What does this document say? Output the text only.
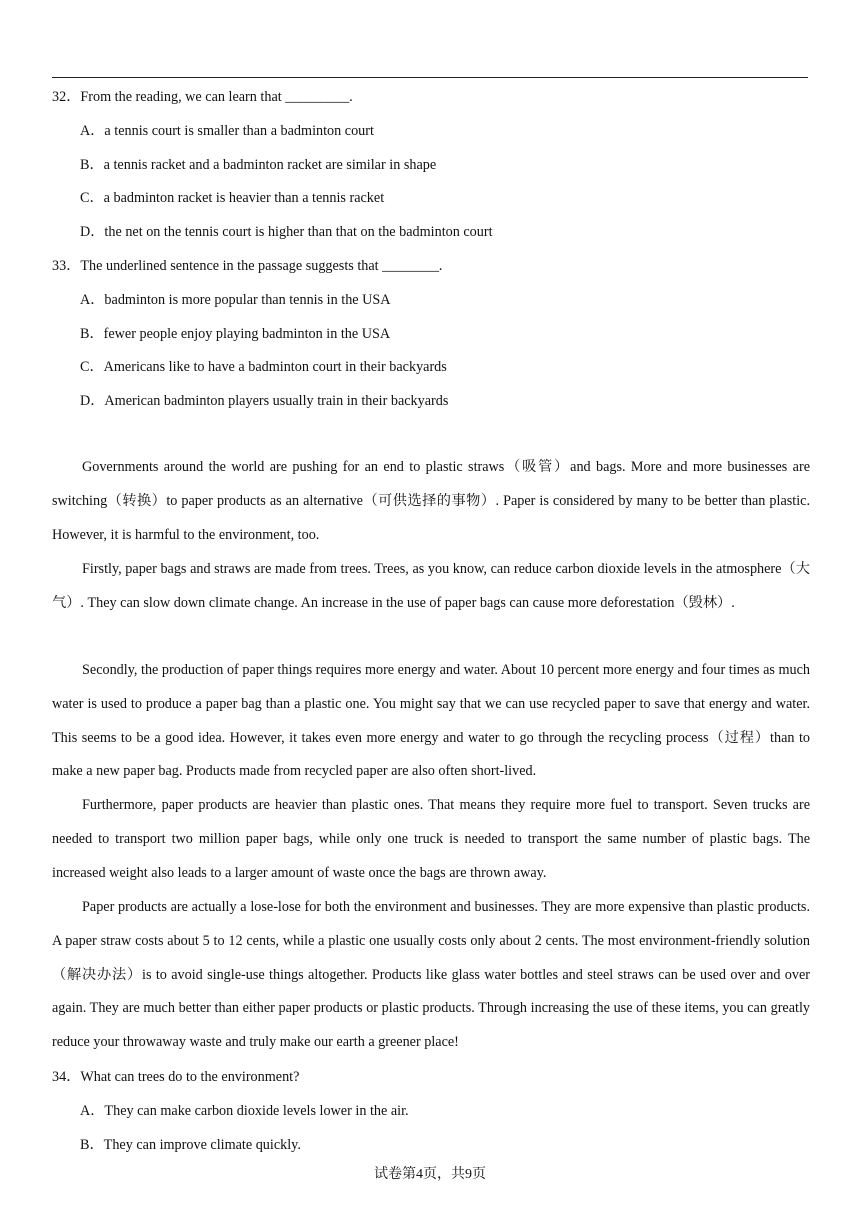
32．From the reading, we can learn that _________.
A．a tennis court is smaller than a badminton court
B．a tennis racket and a badminton racket are similar in shape
C．a badminton racket is heavier than a tennis racket
D．the net on the tennis court is higher than that on the badminton court
33．The underlined sentence in the passage suggests that ________.
A．badminton is more popular than tennis in the USA
B．fewer people enjoy playing badminton in the USA
C．Americans like to have a badminton court in their backyards
D．American badminton players usually train in their backyards
Governments around the world are pushing for an end to plastic straws（吸管）and bags. More and more businesses are switching（转换）to paper products as an alternative（可供选择的事物）. Paper is considered by many to be better than plastic. However, it is harmful to the environment, too.
Firstly, paper bags and straws are made from trees. Trees, as you know, can reduce carbon dioxide levels in the atmosphere（大气）. They can slow down climate change. An increase in the use of paper bags can cause more deforestation（毁林）.
Secondly, the production of paper things requires more energy and water. About 10 percent more energy and four times as much water is used to produce a paper bag than a plastic one. You might say that we can use recycled paper to save that energy and water. This seems to be a good idea. However, it takes even more energy and water to go through the recycling process（过程）than to make a new paper bag. Products made from recycled paper are also often short-lived.
Furthermore, paper products are heavier than plastic ones. That means they require more fuel to transport. Seven trucks are needed to transport two million paper bags, while only one truck is needed to transport the same number of plastic bags. The increased weight also leads to a larger amount of waste once the bags are thrown away.
Paper products are actually a lose-lose for both the environment and businesses. They are more expensive than plastic products. A paper straw costs about 5 to 12 cents, while a plastic one usually costs only about 2 cents. The most environment-friendly solution（解决办法）is to avoid single-use things altogether. Products like glass water bottles and steel straws can be used over and over again. They are much better than either paper products or plastic products. Through increasing the use of these items, you can greatly reduce your throwaway waste and truly make our earth a greener place!
34．What can trees do to the environment?
A．They can make carbon dioxide levels lower in the air.
B．They can improve climate quickly.
试卷第4页，共9页
